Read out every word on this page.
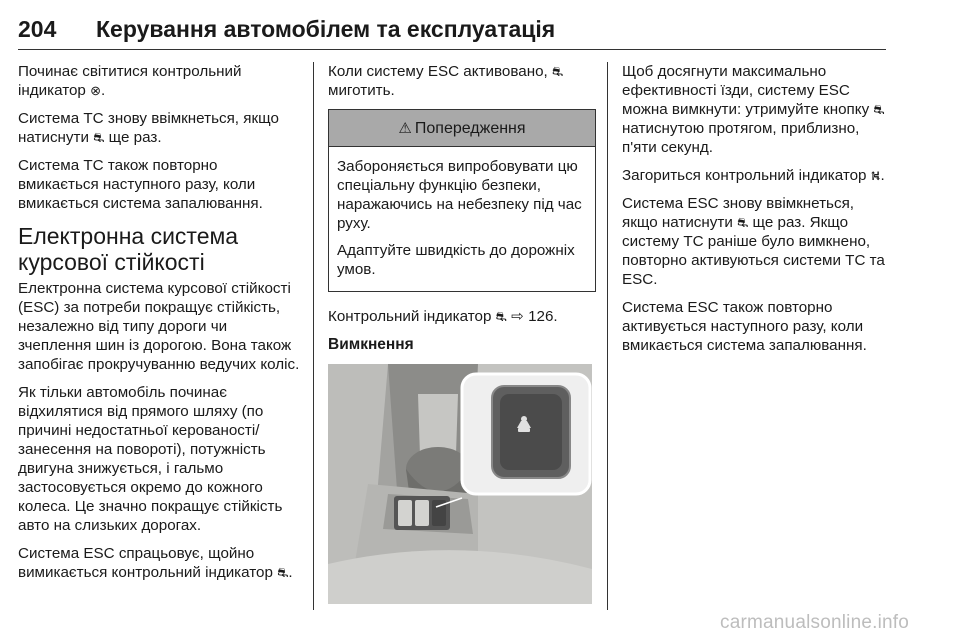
204 Керування автомобілем та експлуатація

Починає світитися контрольний індикатор ⊗.

Система TC знову ввімкнеться, якщо натиснути ⛐ ще раз.

Система TC також повторно вмикається наступного разу, коли вмикається система запалювання.

Електронна система курсової стійкості

Електронна система курсової стійкості (ESC) за потреби покращує стійкість, незалежно від типу дороги чи зчеплення шин із дорогою. Вона також запобігає прокручуванню ведучих коліс.

Як тільки автомобіль починає відхилятися від прямого шляху (по причині недостатньої керованості/ занесення на повороті), потужність двигуна знижується, і гальмо застосовується окремо до кожного колеса. Це значно покращує стійкість авто на слизьких дорогах.

Система ESC спрацьовує, щойно вимикається контрольний індикатор ⛐.

Коли систему ESC активовано, ⛐ миготить.

⚠ Попередження

Забороняється випробовувати цю спеціальну функцію безпеки, наражаючись на небезпеку під час руху.

Адаптуйте швидкість до дорожніх умов.

Контрольний індикатор ⛐ ⇨ 126.

Вимкнення

Щоб досягнути максимально ефективності їзди, систему ESC можна вимкнути: утримуйте кнопку ⛐ натиснутою протягом, приблизно, п'яти секунд.

Загориться контрольний індикатор ⛕.

Система ESC знову ввімкнеться, якщо натиснути ⛐ ще раз. Якщо систему TC раніше було вимкнено, повторно активуються системи TC та ESC.

Система ESC також повторно активується наступного разу, коли вмикається система запалювання.

carmanualsonline.info
